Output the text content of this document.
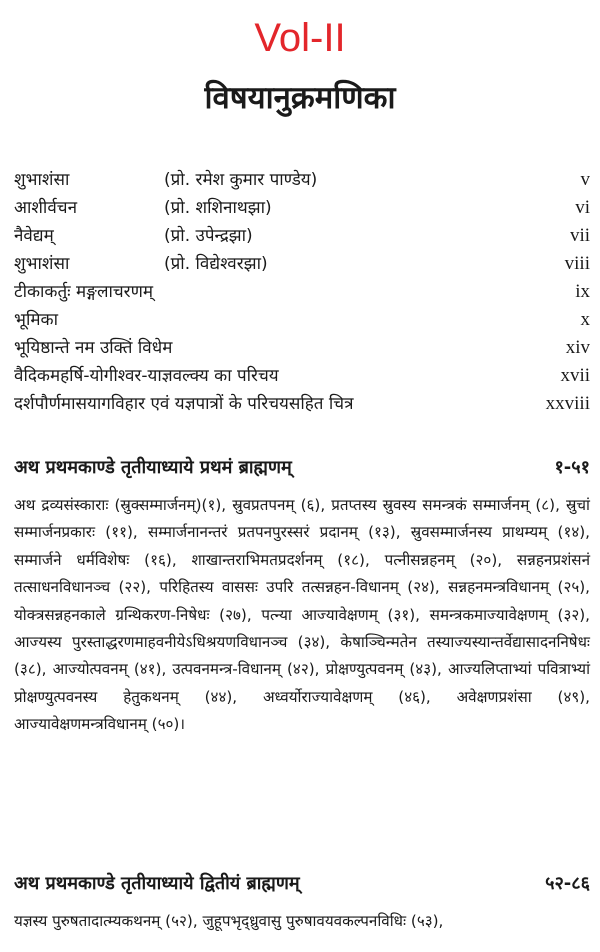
Vol-II
विषयानुक्रमणिका
शुभाशंसा	(प्रो. रमेश कुमार पाण्डेय)	v
आशीर्वचन	(प्रो. शशिनाथझा)	vi
नैवेद्यम्	(प्रो. उपेन्द्रझा)	vii
शुभाशंसा	(प्रो. विद्येश्वरझा)	viii
टीकाकर्तुः मङ्गलाचरणम्	ix
भूमिका	x
भूयिष्ठान्ते नम उक्तिं विधेम	xiv
वैदिकमहर्षि-योगीश्वर-याज्ञवल्क्य का परिचय	xvii
दर्शपौर्णमासयागविहार एवं यज्ञपात्रों के परिचयसहित चित्र	xxviii
अथ प्रथमकाण्डे तृतीयाध्याये प्रथमं ब्राह्मणम्	१-५१
अथ द्रव्यसंस्काराः (स्रुक्सम्मार्जनम्)(१), स्रुवप्रतपनम् (६), प्रतप्तस्य स्रुवस्य समन्त्रकं सम्मार्जनम् (८), स्रुचां सम्मार्जनप्रकारः (११), सम्मार्जनानन्तरं प्रतपनपुरस्सरं प्रदानम् (१३), स्रुवसम्मार्जनस्य प्राथम्यम् (१४), सम्मार्जने धर्मविशेषः (१६), शाखान्तराभिमतप्रदर्शनम् (१८), पत्नीसन्नहनम् (२०), सन्नहनप्रशंसनं तत्साधनविधानञ्च (२२), परिहितस्य वाससः उपरि तत्सन्नहन-विधानम् (२४), सन्नहनमन्त्रविधानम् (२५), योक्त्रसन्नहनकाले ग्रन्थिकरण-निषेधः (२७), पत्न्या आज्यावेक्षणम् (३१), समन्त्रकमाज्यावेक्षणम् (३२), आज्यस्य पुरस्ताद्धरणमाहवनीयेऽधिश्रयणविधानञ्च (३४), केषाञ्चिन्मतेन तस्याज्यस्यान्तर्वेद्यासादननिषेधः (३८), आज्योत्पवनम् (४१), उत्पवनमन्त्र-विधानम् (४२), प्रोक्षण्युत्पवनम् (४३), आज्यलिप्ताभ्यां पवित्राभ्यां प्रोक्षण्युत्पवनस्य हेतुकथनम् (४४), अध्वर्योराज्यावेक्षणम् (४६), अवेक्षणप्रशंसा (४९), आज्यावेक्षणमन्त्रविधानम् (५०)।
अथ प्रथमकाण्डे तृतीयाध्याये द्वितीयं ब्राह्मणम्	५२-८६
यज्ञस्य पुरुषतादात्म्यकथनम् (५२), जुहूपभृद्ध्रुवासु पुरुषावयवकल्पनविधिः (५३),
